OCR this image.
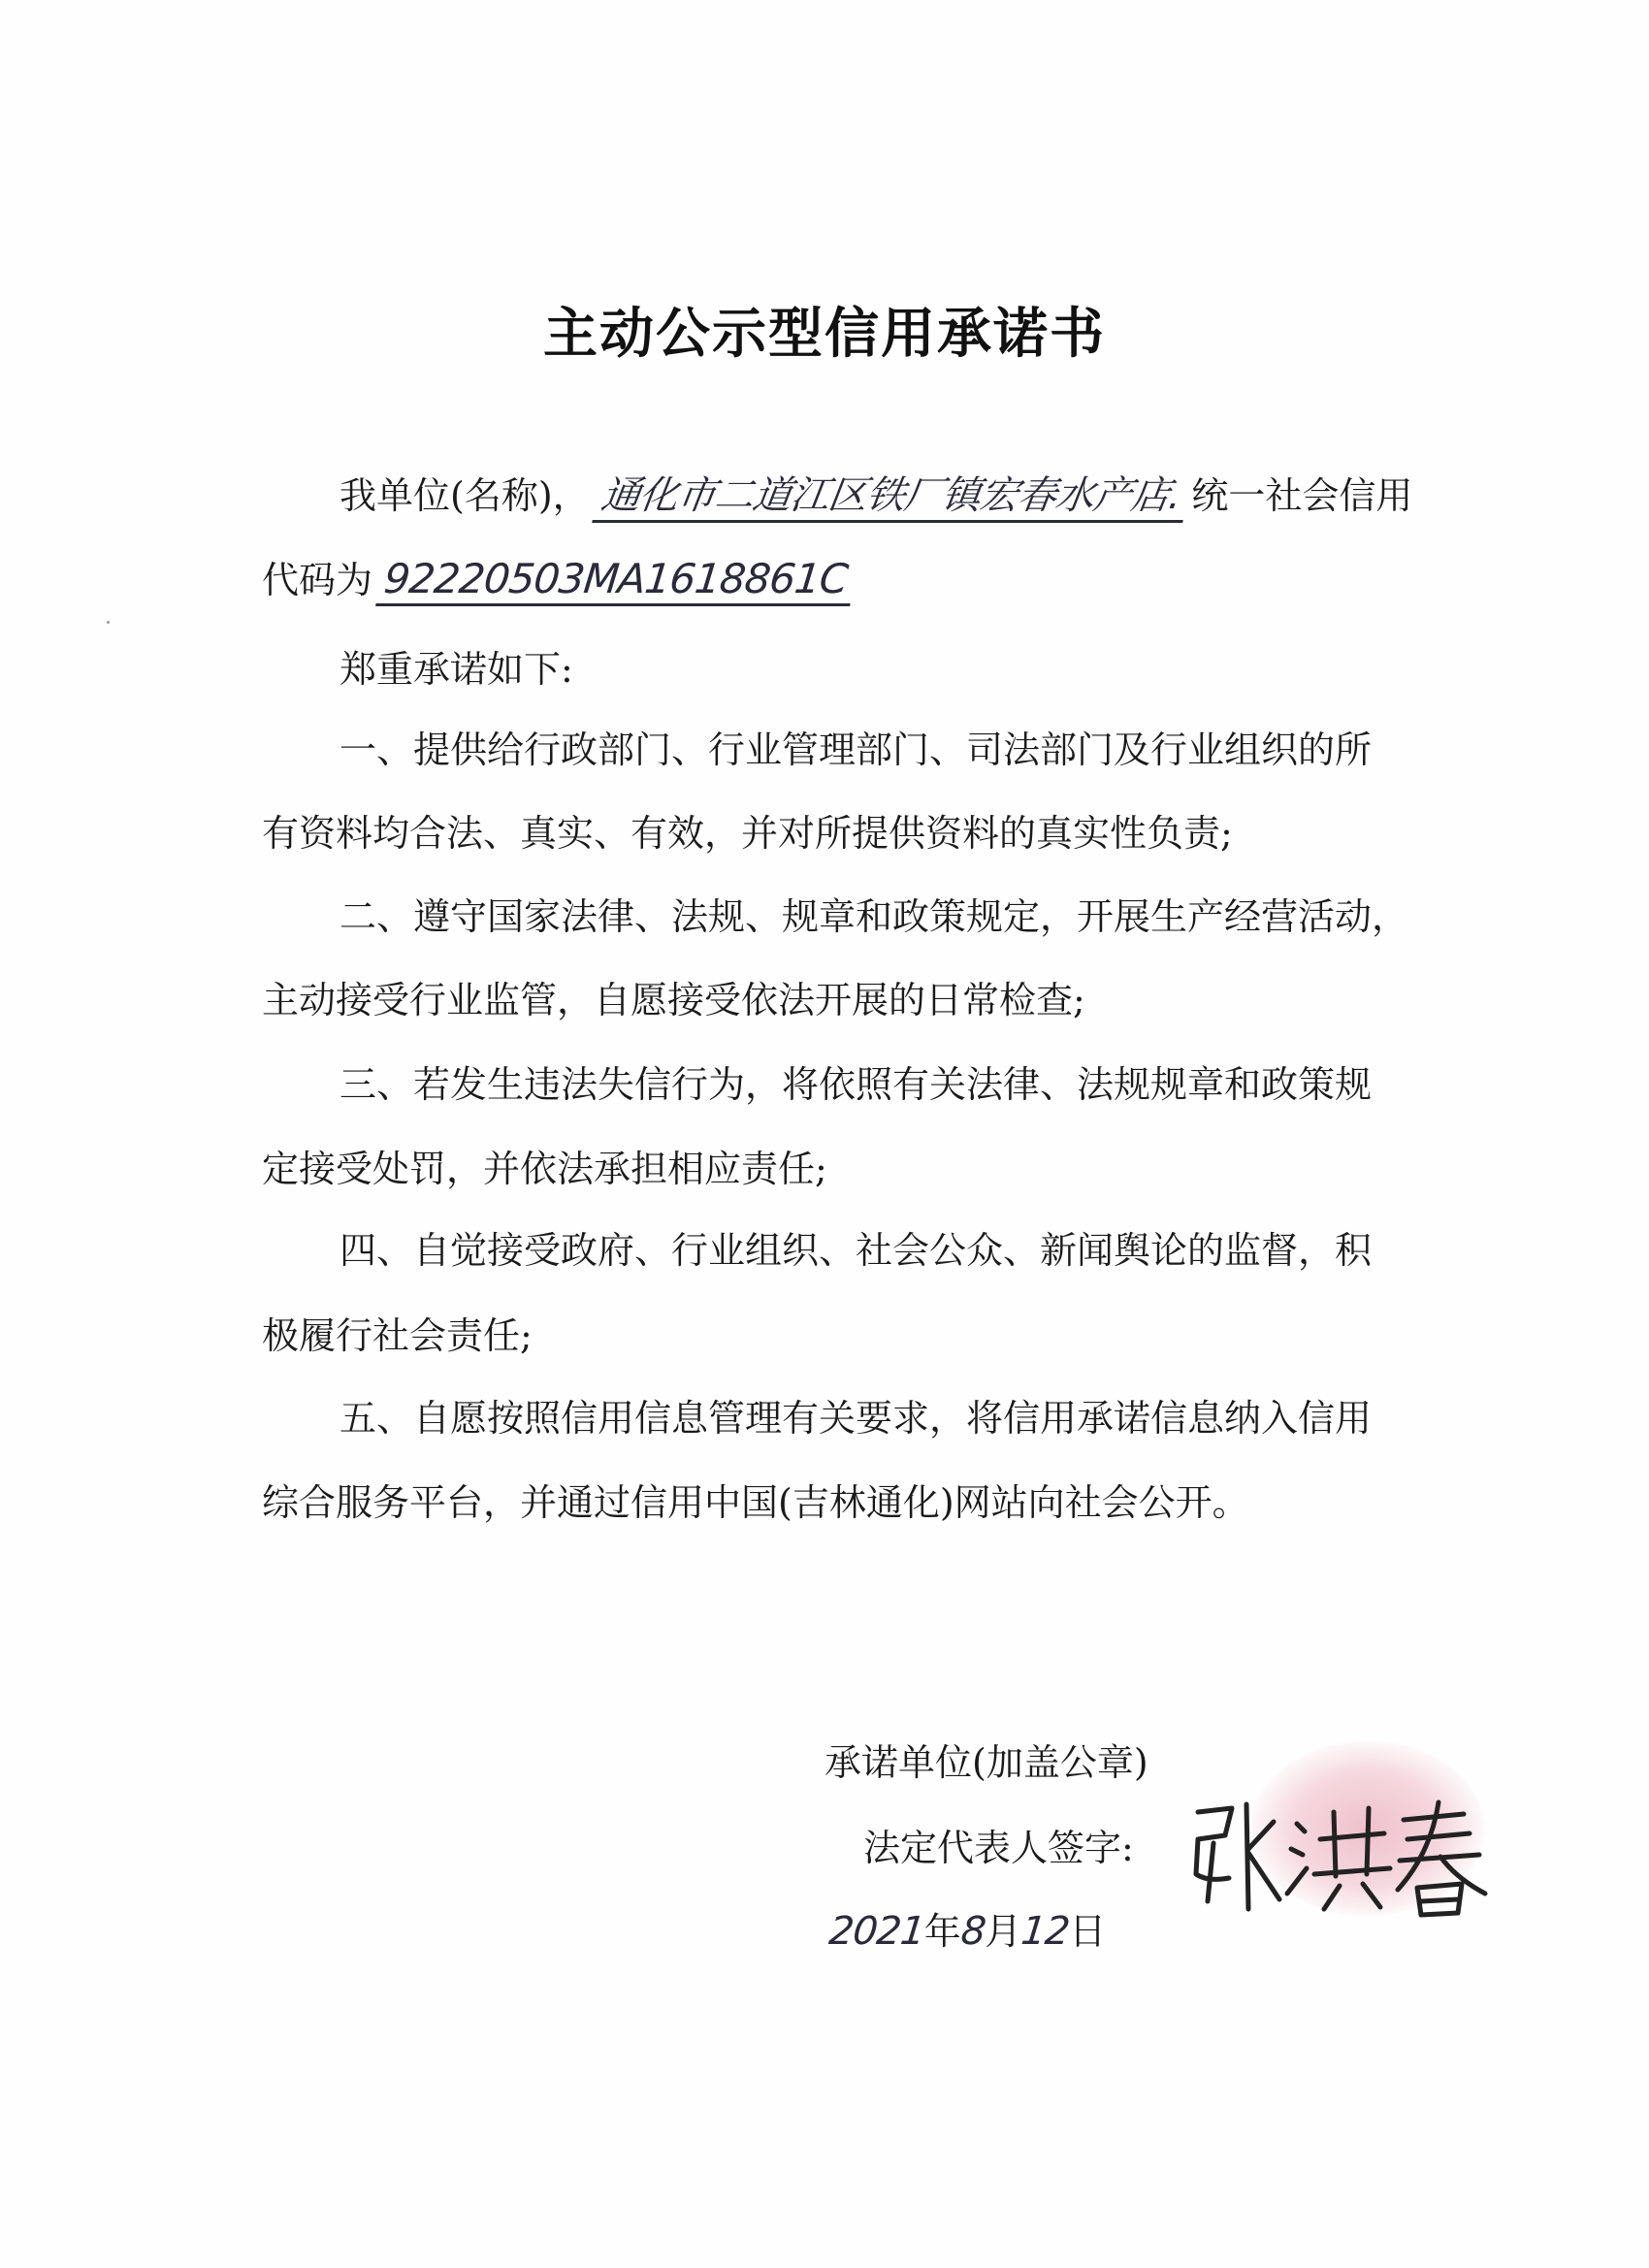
主动公示型信用承诺书
我单位(名称)， 通化市二道江区铁厂镇宏春水产店. 统一社会信用
代码为 92220503MA1618861C
郑重承诺如下:
一、提供给行政部门、行业管理部门、司法部门及行业组织的所
有资料均合法、真实、有效，并对所提供资料的真实性负责;
二、遵守国家法律、法规、规章和政策规定，开展生产经营活动，
主动接受行业监管，自愿接受依法开展的日常检查;
三、若发生违法失信行为，将依照有关法律、法规规章和政策规
定接受处罚，并依法承担相应责任;
四、自觉接受政府、行业组织、社会公众、新闻舆论的监督，积
极履行社会责任;
五、自愿按照信用信息管理有关要求，将信用承诺信息纳入信用
综合服务平台，并通过信用中国(吉林通化)网站向社会公开。
承诺单位(加盖公章)
法定代表人签字:
张洪春
2021年8月12日
